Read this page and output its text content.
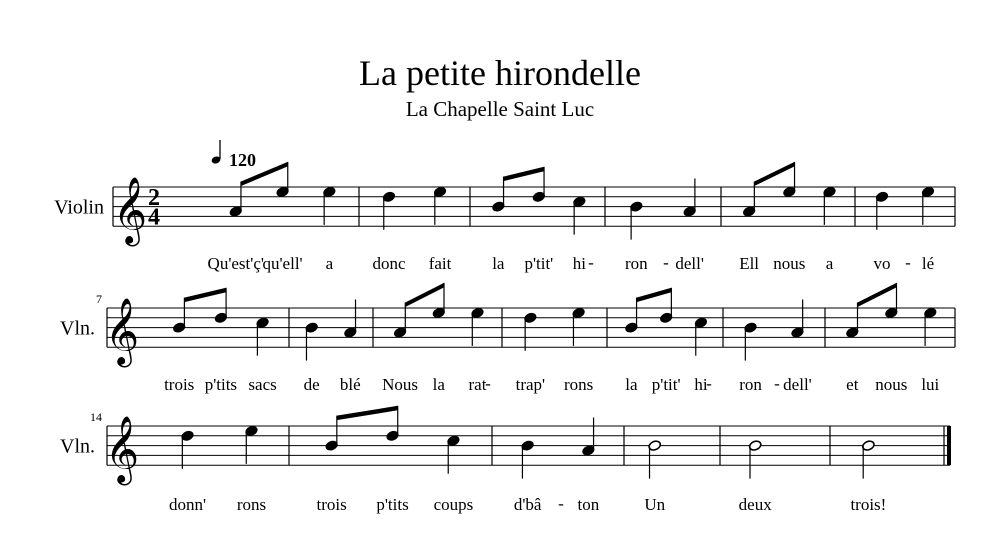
La petite hirondelle
La Chapelle Saint Luc
120
Violin 𝄞 2
4
Qu'est'ç'
qu'ell' a donc fait la p'tit' hi ron dell'
-	Ell nous a vo lé
-
-
Vln.
7 𝄞
trois p'tits sacs de blé Nous la rat trap' rons la p'tit' hi ron dell'
-	et nous lui
-	-
Vln.
14 𝄞
donn' rons	trois p'tits coups d'bâ ton
-	Un	deux	trois!
